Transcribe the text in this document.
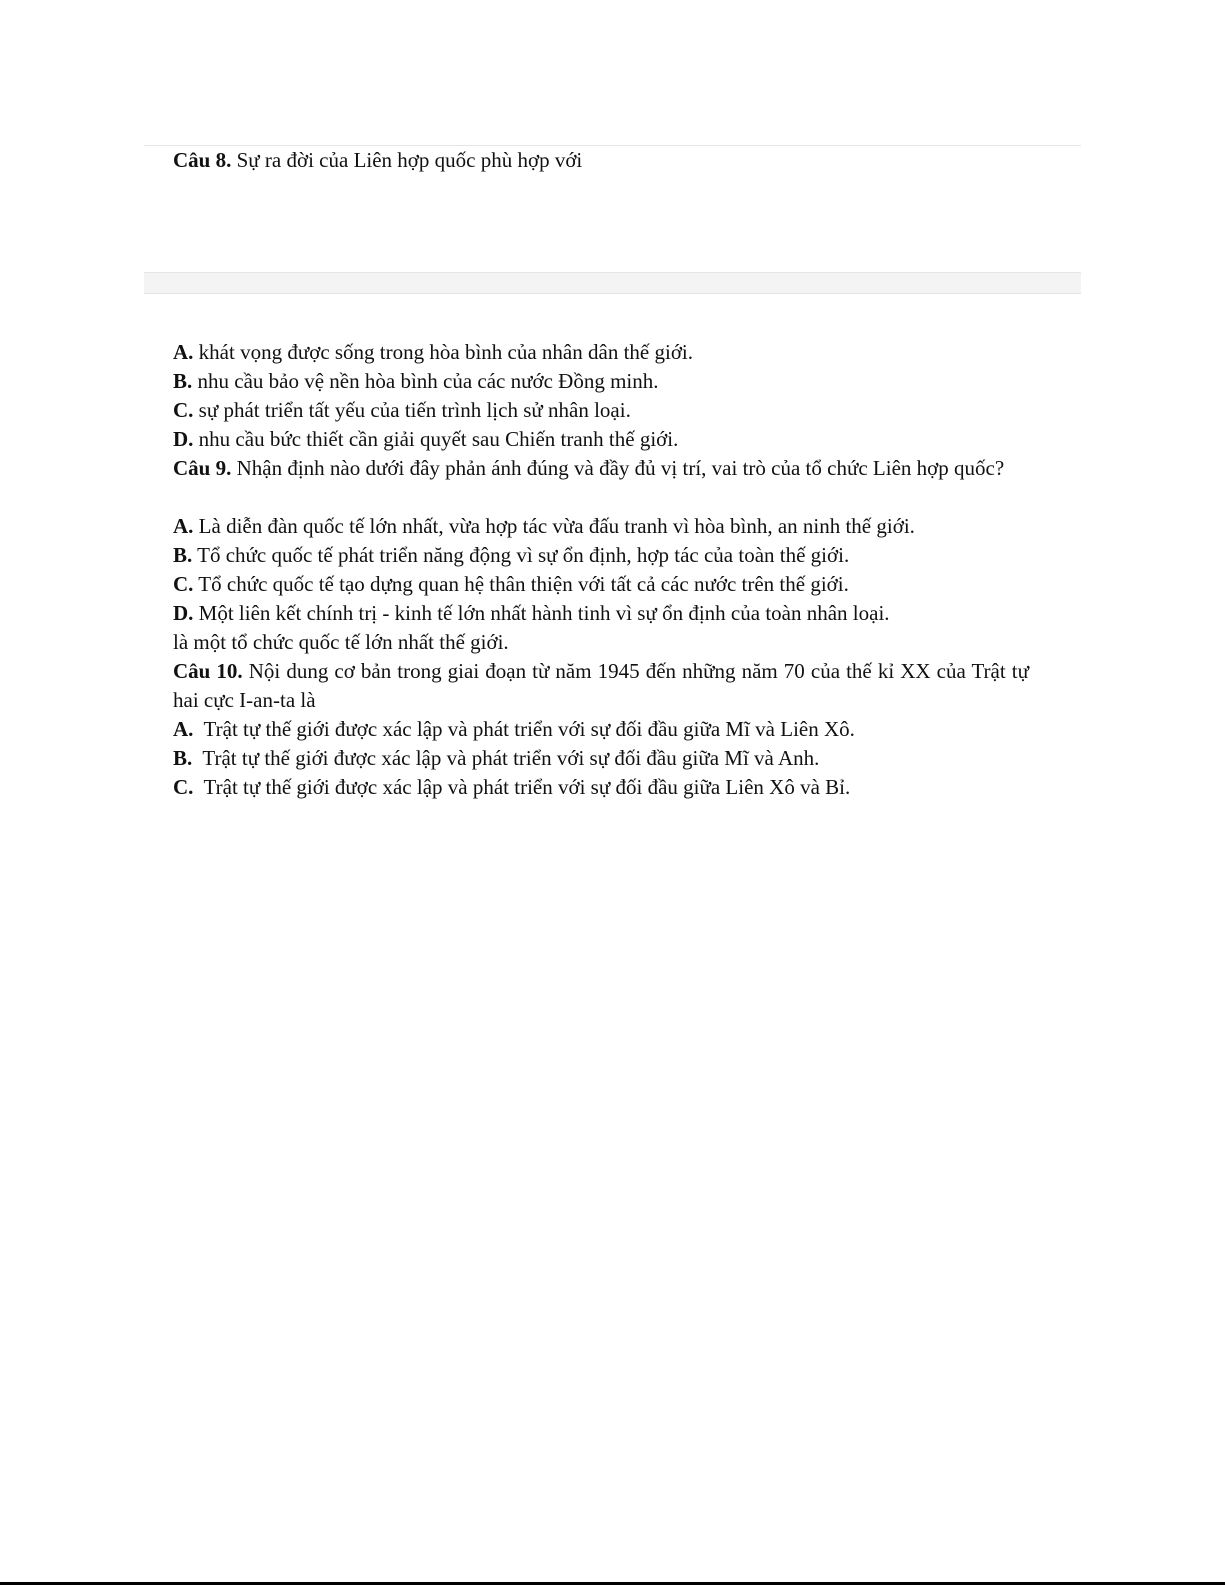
Câu 8. Sự ra đời của Liên hợp quốc phù hợp với
A. khát vọng được sống trong hòa bình của nhân dân thế giới.
B. nhu cầu bảo vệ nền hòa bình của các nước Đồng minh.
C. sự phát triển tất yếu của tiến trình lịch sử nhân loại.
D. nhu cầu bức thiết cần giải quyết sau Chiến tranh thế giới.
Câu 9. Nhận định nào dưới đây phản ánh đúng và đầy đủ vị trí, vai trò của tổ chức Liên hợp quốc?
A. Là diễn đàn quốc tế lớn nhất, vừa hợp tác vừa đấu tranh vì hòa bình, an ninh thế giới.
B. Tổ chức quốc tế phát triển năng động vì sự ổn định, hợp tác của toàn thế giới.
C. Tổ chức quốc tế tạo dựng quan hệ thân thiện với tất cả các nước trên thế giới.
D. Một liên kết chính trị - kinh tế lớn nhất hành tinh vì sự ổn định của toàn nhân loại.
là một tổ chức quốc tế lớn nhất thế giới.
Câu 10. Nội dung cơ bản trong giai đoạn từ năm 1945 đến những năm 70 của thế kỉ XX của Trật tự hai cực I-an-ta là
A.  Trật tự thế giới được xác lập và phát triển với sự đối đầu giữa Mĩ và Liên Xô.
B.  Trật tự thế giới được xác lập và phát triển với sự đối đầu giữa Mĩ và Anh.
C.  Trật tự thế giới được xác lập và phát triển với sự đối đầu giữa Liên Xô và Bỉ.
